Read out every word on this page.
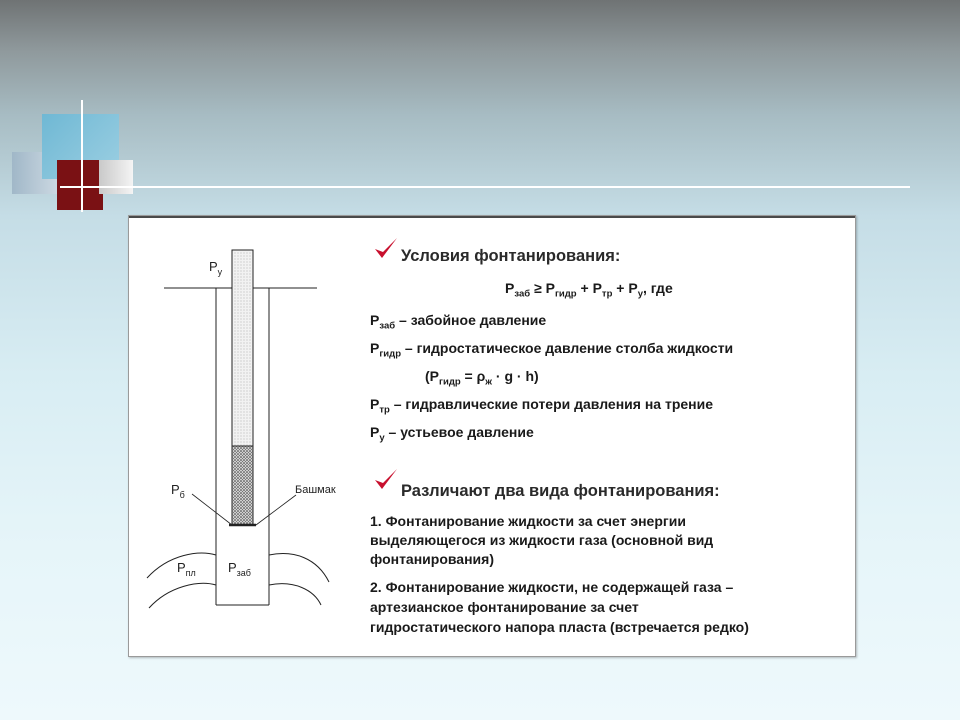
$Р_у$
$Р_б$	Башмак
$Р_{пл}$ $Р_{заб}$
Условия фонтанирования:
$Р_{заб} \ge Р_{гидр} + Р_{тр} + Р_у$, где
$Р_{заб}$ – забойное давление
$Р_{гидр}$ – гидростатическое давление столба жидкости
$(Р_{гидр} = \rho_ж \cdot g \cdot h)$
$Р_{тр}$ – гидравлические потери давления на трение
$Р_у$ – устьевое давление
Различают два вида фонтанирования:
1. Фонтанирование жидкости за счет энергии
выделяющегося из жидкости газа (основной вид
фонтанирования)
2. Фонтанирование жидкости, не содержащей газа –
артезианское фонтанирование за счет
гидростатического напора пласта (встречается редко)
